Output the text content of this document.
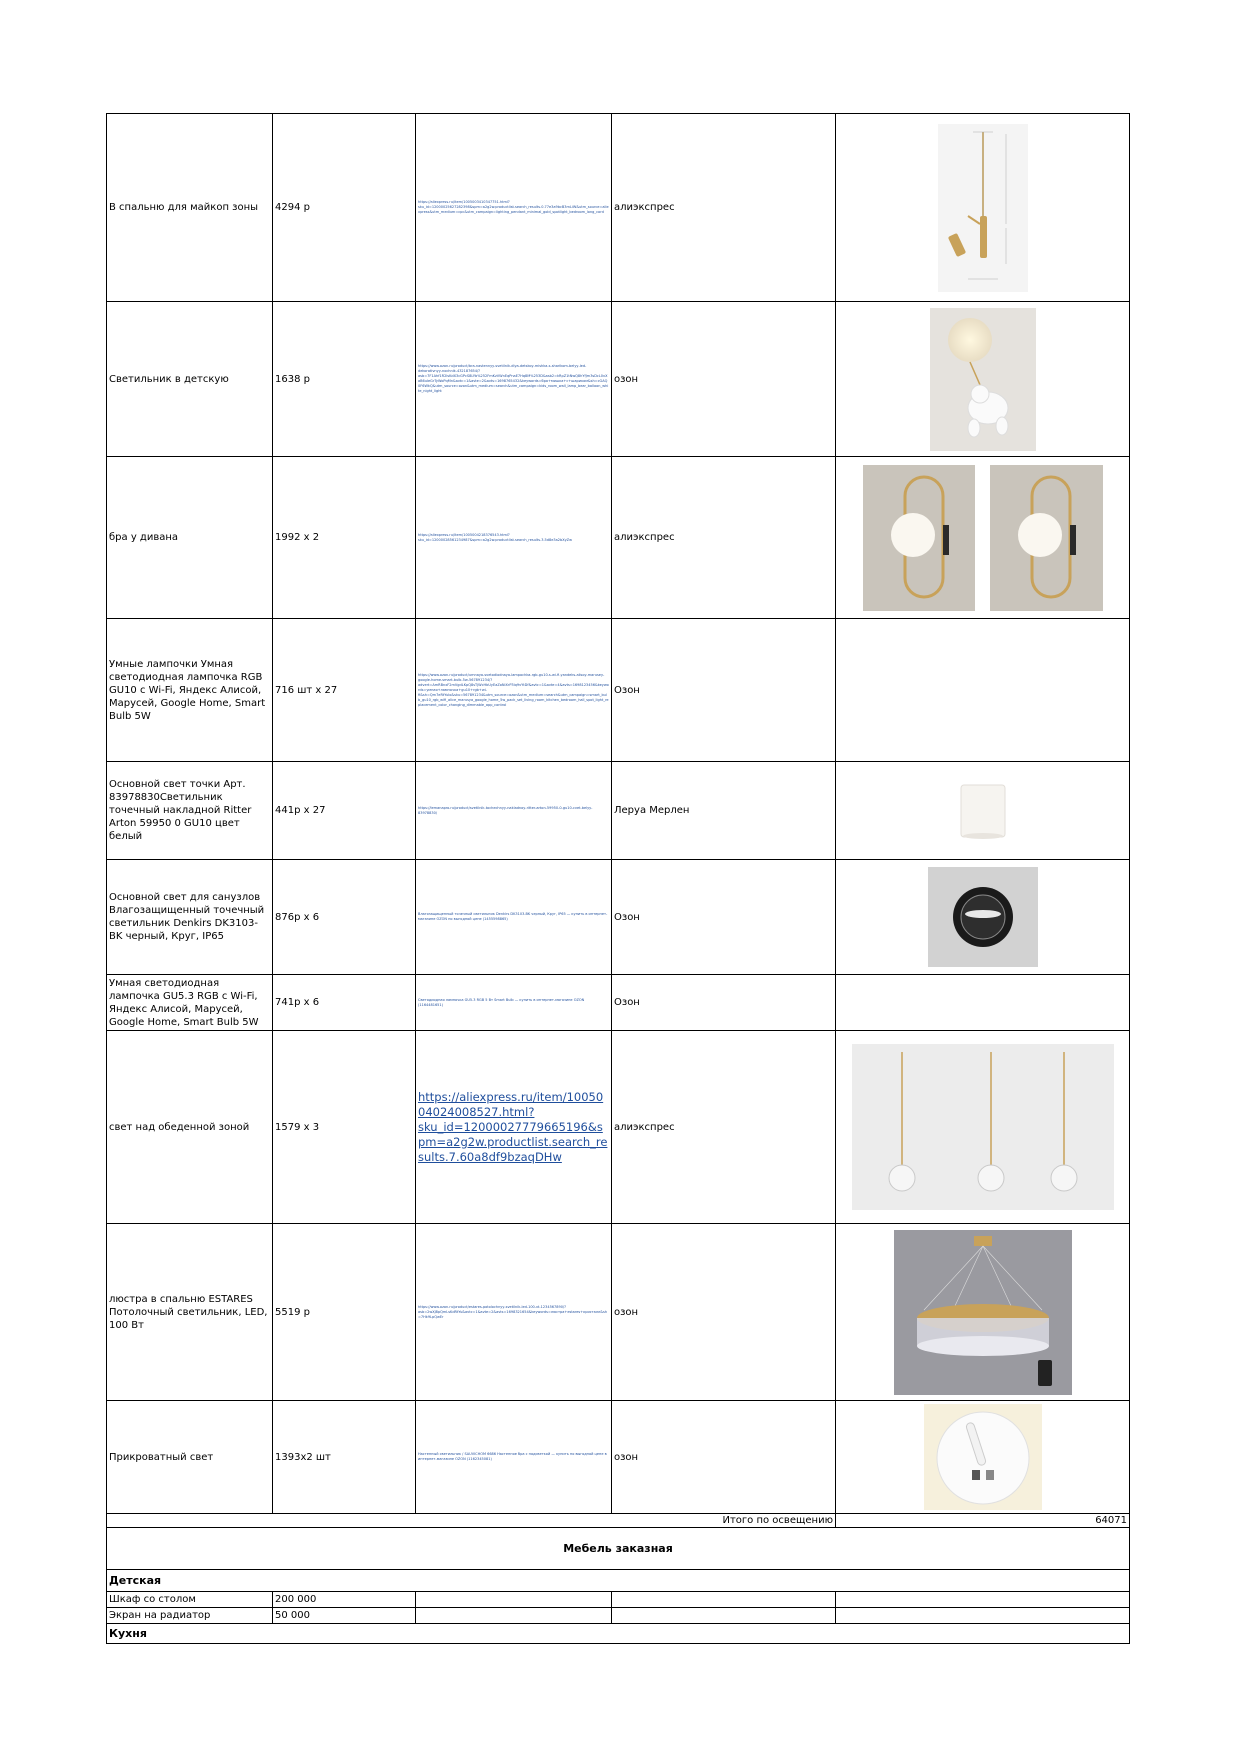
В спальню для майкоп зоны	4294 р	https://aliexpress.ru/item/1005003410347751.html?sku_id=12000025627282398&spm=a2g2w.productlist.search_results.0.77e3a9bcB3mLiW&utm_source=aliexpress&utm_medium=cpc&utm_campaign=lighting_pendant_minimal_gold_spotlight_bedroom_long_cord	алиэкспрес	

Светильник в детскую	1638 р	https://www.ozon.ru/product/bra-nastennyy-svetilnik-dlya-detskoy-mishka-s-sharikom-belyy-led-dekorativnyy-nochnik-432187654/?asb=7F1Ahf1R2lsKdX3cGPcS8LYb%252FmKzVWnEqPnaE7Hq8M%253D&asb2=kRpZ1tNwQ8hYfJm3sDcL0vXaB6uIeGrTyWoPqMn&avtc=1&avte=2&avts=1698765432&keywords=бра+мишка+с+шариком&sh=cGAQ0F6WkQ&utm_source=ozon&utm_medium=search&utm_campaign=kids_room_wall_lamp_bear_balloon_white_night_light	озон	

бра у дивана	1992 х 2	https://aliexpress.ru/item/1005004218376543.html?sku_id=12000028561234987&spm=a2g2w.productlist.search_results.3.5d8e3a2bXyZw	алиэкспрес	

Умные лампочки Умная светодиодная лампочка RGB GU10 с Wi-Fi, Яндекс Алисой, Марусей, Google Home, Smart Bulb 5W	716 шт х 27	https://www.ozon.ru/product/umnaya-svetodiodnaya-lampochka-rgb-gu10-s-wi-fi-yandeks-alisoy-marusey-google-home-smart-bulb-5w-567891234/?advert=AmRBnxF2mVgdLKpQ8sTjWcHbUyEaZoNiXrP3lq9vYtDf&avtc=1&avte=4&avts=1698123456&keywords=умная+лампочка+gu10+rgb+wi-fi&sh=Qm7eRtYuIo&sku=567891234&utm_source=ozon&utm_medium=search&utm_campaign=smart_bulb_gu10_rgb_wifi_alice_marusya_google_home_5w_pack_set_living_room_kitchen_bedroom_hall_spot_light_replacement_color_changing_dimmable_app_control	Озон	
Основной свет точки Арт. 83978830Светильник точечный накладной Ritter Arton 59950 0 GU10 цвет белый	441р х 27	https://lemanapro.ru/product/svetilnik-tochechnyy-nakladnoy-ritter-arton-59950-0-gu10-cvet-belyy-83978830/	Леруа Мерлен	

Основной свет для санузлов Влагозащищенный точечный светильник Denkirs DK3103-BK черный, Круг, IP65	876р х 6	Влагозащищенный точечный светильник Denkirs DK3103-BK черный, Круг, IP65 — купить в интернет-магазине OZON по выгодной цене (1455598865)	Озон	

Умная светодиодная лампочка GU5.3 RGB с Wi-Fi, Яндекс Алисой, Марусей, Google Home, Smart Bulb 5W	741р х 6	Светодиодная лампочка GU5.3 RGB 5 Вт Smart Bulb — купить в интернет-магазине OZON (1164481651)	Озон	
свет над обеденной зоной	1579 х 3	https://aliexpress.ru/item/1005004024008527.html?sku_id=12000027779665196&spm=a2g2w.productlist.search_results.7.60a8df9bzaqDHw	алиэкспрес	

люстра в спальню ESTARES Потолочный светильник, LED, 100 Вт	5519 р	https://www.ozon.ru/product/estares-potolochnyy-svetilnik-led-100-vt-1234567890/?asb=2wXJ8pQmLsKdRtYu&avtc=1&avte=2&avts=1698321654&keywords=люстра+estares+кристалл&sh=7Hk9LpQwEr	озон	

Прикроватный свет	1393х2 шт	Настенный светильник / SAUVICHOM 6686 Настенное бра с подсветкой — купить по выгодной цене в интернет-магазине OZON (1162345081)	озон	

Итого по освещению				64071
Мебель заказная				
Детская				
Шкаф со столом	200 000			
Экран на радиатор	50 000			
Кухня				
